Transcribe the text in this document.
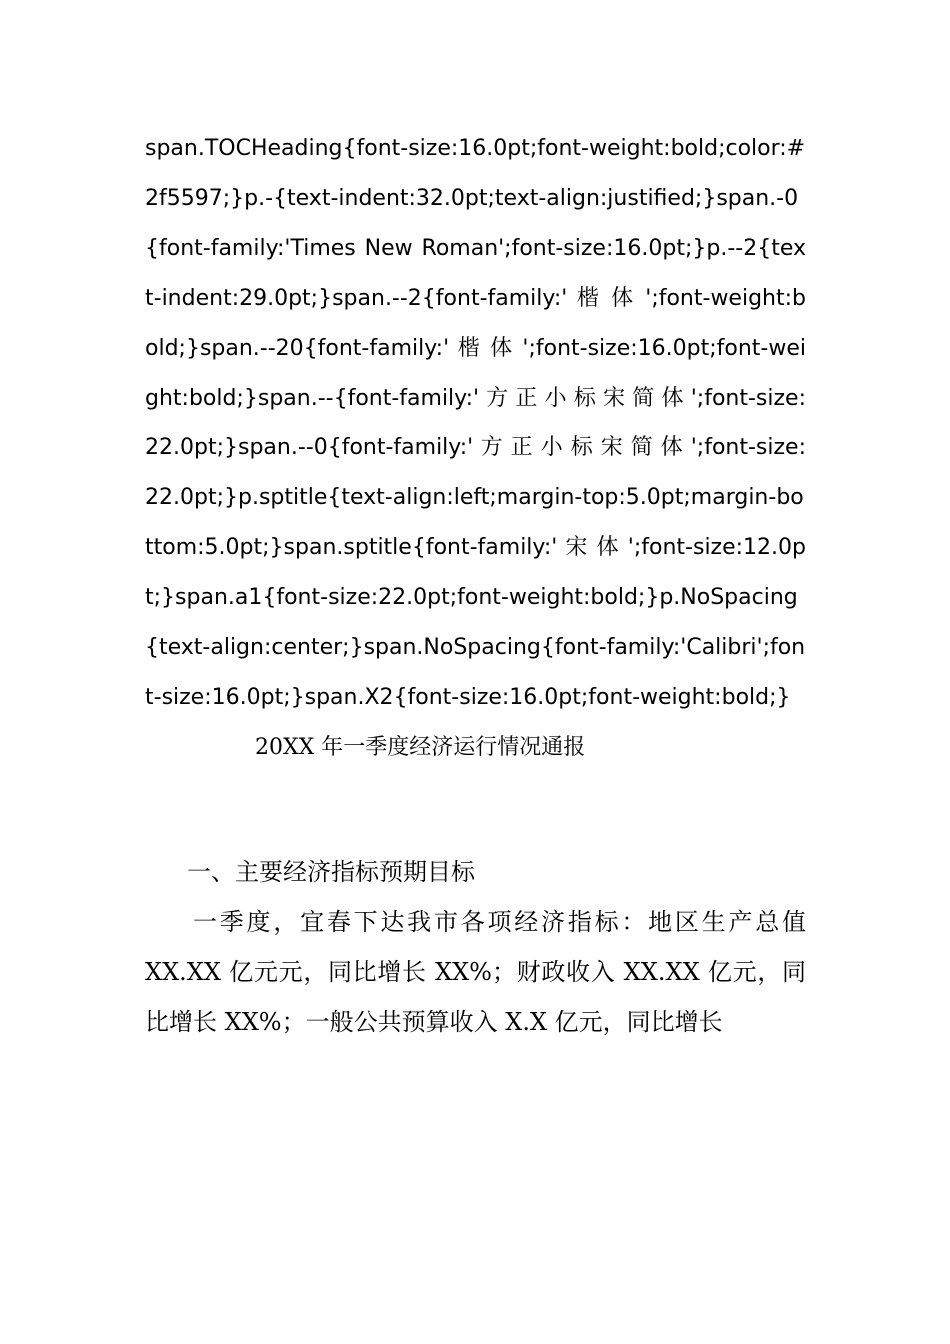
span.TOCHeading{font-size:16.0pt;font-weight:bold;color:#2f5597;}p.-{text-indent:32.0pt;text-align:justified;}span.-0{font-family:'Times New Roman';font-size:16.0pt;}p.--2{text-indent:29.0pt;}span.--2{font-family:' 楷 体 ';font-weight:bold;}span.--20{font-family:' 楷 体 ';font-size:16.0pt;font-weight:bold;}span.--{font-family:' 方 正 小 标 宋 简 体 ';font-size:22.0pt;}span.--0{font-family:' 方 正 小 标 宋 简 体 ';font-size:22.0pt;}p.sptitle{text-align:left;margin-top:5.0pt;margin-bottom:5.0pt;}span.sptitle{font-family:' 宋 体 ';font-size:12.0pt;}span.a1{font-size:22.0pt;font-weight:bold;}p.NoSpacing{text-align:center;}span.NoSpacing{font-family:'Calibri';font-size:16.0pt;}span.X2{font-size:16.0pt;font-weight:bold;}     20XX 年一季度经济运行情况通报

一、主要经济指标预期目标

一季度，宜春下达我市各项经济指标：地区生产总值 XX.XX 亿元元，同比增长 XX%；财政收入 XX.XX 亿元，同比增长 XX%；一般公共预算收入 X.X 亿元，同比增长
